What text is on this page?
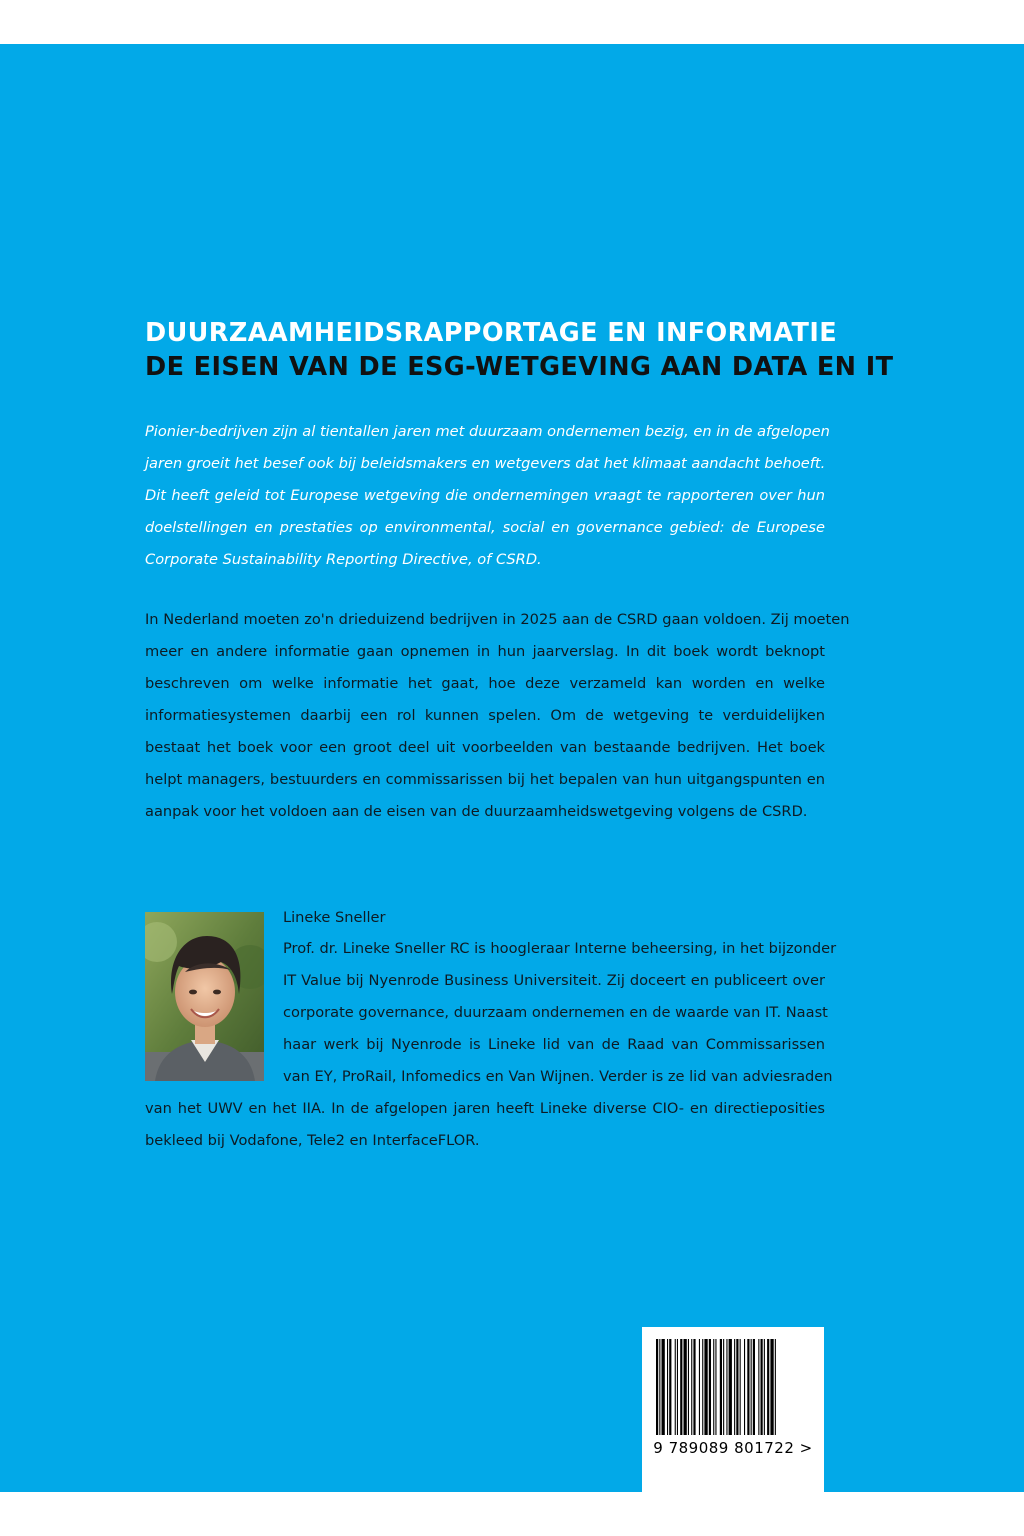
DUURZAAMHEIDSRAPPORTAGE EN INFORMATIE
DE EISEN VAN DE ESG-WETGEVING AAN DATA EN IT
Pionier-bedrijven zijn al tientallen jaren met duurzaam ondernemen bezig, en in de afgelopen
jaren groeit het besef ook bij beleidsmakers en wetgevers dat het klimaat aandacht behoeft.
Dit heeft geleid tot Europese wetgeving die ondernemingen vraagt te rapporteren over hun
doelstellingen en prestaties op environmental, social en governance gebied: de Europese
Corporate Sustainability Reporting Directive, of CSRD.
In Nederland moeten zo'n drieduizend bedrijven in 2025 aan de CSRD gaan voldoen. Zij moeten
meer en andere informatie gaan opnemen in hun jaarverslag. In dit boek wordt beknopt
beschreven om welke informatie het gaat, hoe deze verzameld kan worden en welke
informatiesystemen daarbij een rol kunnen spelen. Om de wetgeving te verduidelijken
bestaat het boek voor een groot deel uit voorbeelden van bestaande bedrijven. Het boek
helpt managers, bestuurders en commissarissen bij het bepalen van hun uitgangspunten en
aanpak voor het voldoen aan de eisen van de duurzaamheidswetgeving volgens de CSRD.

Lineke Sneller

Prof. dr. Lineke Sneller RC is hoogleraar Interne beheersing, in het bijzonder
IT Value bij Nyenrode Business Universiteit. Zij doceert en publiceert over
corporate governance, duurzaam ondernemen en de waarde van IT. Naast
haar werk bij Nyenrode is Lineke lid van de Raad van Commissarissen
van EY, ProRail, Infomedics en Van Wijnen. Verder is ze lid van adviesraden
van het UWV en het IIA. In de afgelopen jaren heeft Lineke diverse CIO- en directieposities
bekleed bij Vodafone, Tele2 en InterfaceFLOR.
9 789089 801722 >
